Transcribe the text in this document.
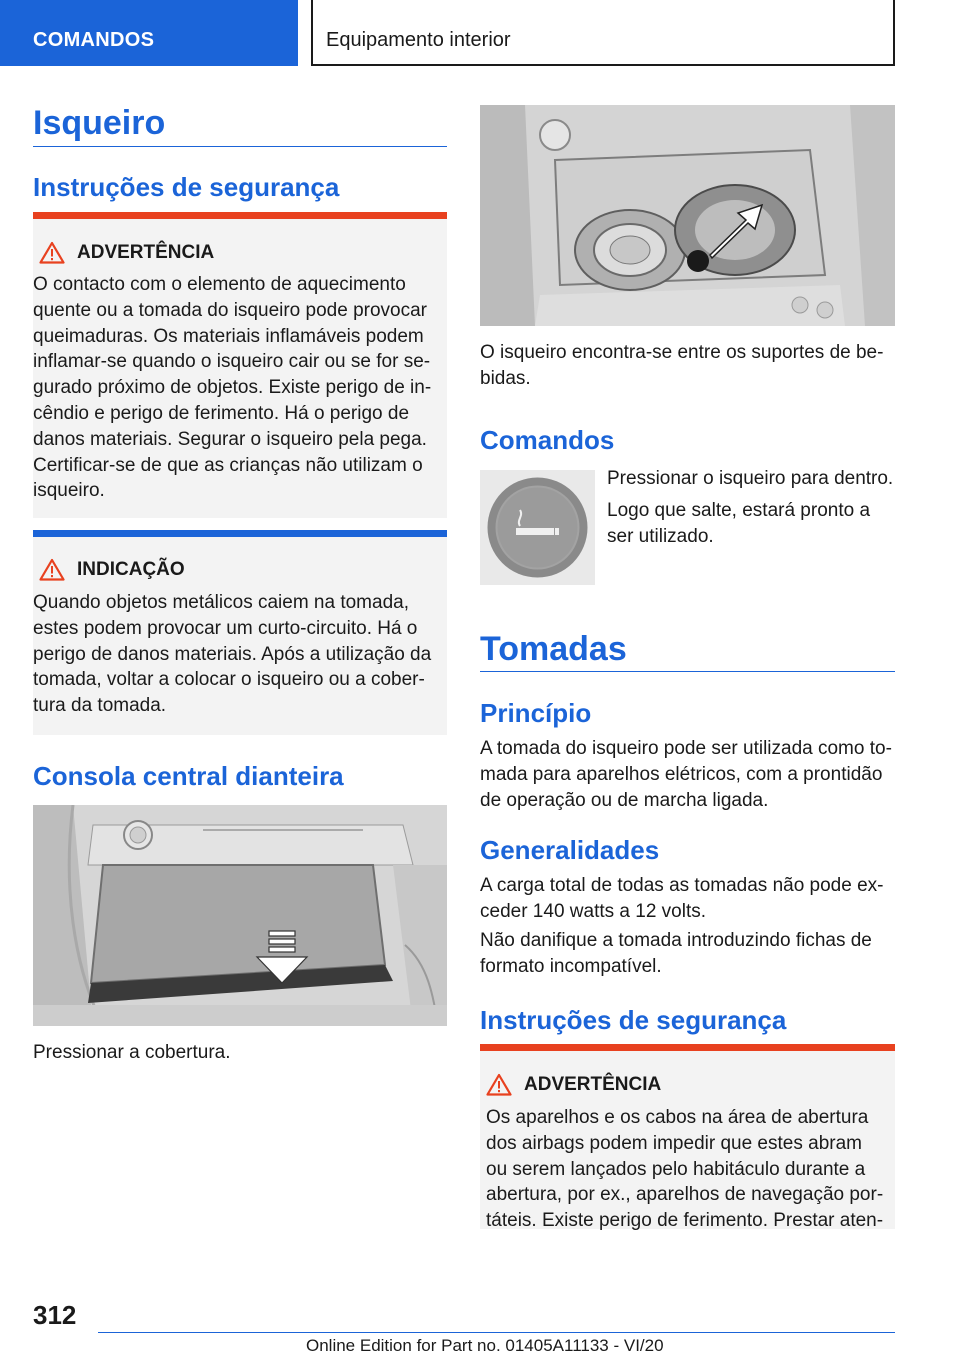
COMANDOS	Equipamento interior
Isqueiro
Instruções de segurança
ADVERTÊNCIA

O contacto com o elemento de aquecimento
quente ou a tomada do isqueiro pode provocar
queimaduras. Os materiais inflamáveis podem
inflamar-se quando o isqueiro cair ou se for se-
gurado próximo de objetos. Existe perigo de in-
cêndio e perigo de ferimento. Há o perigo de
danos materiais. Segurar o isqueiro pela pega.
Certificar-se de que as crianças não utilizam o
isqueiro.

INDICAÇÃO

Quando objetos metálicos caiem na tomada,
estes podem provocar um curto-circuito. Há o
perigo de danos materiais. Após a utilização da
tomada, voltar a colocar o isqueiro ou a cober-
tura da tomada.

Consola central dianteira

Pressionar a cobertura.

O isqueiro encontra-se entre os suportes de be-
bidas.

Comandos

Pressionar o isqueiro para dentro.

Logo que salte, estará pronto a
ser utilizado.

Tomadas
Princípio

A tomada do isqueiro pode ser utilizada como to-
mada para aparelhos elétricos, com a prontidão
de operação ou de marcha ligada.

Generalidades

A carga total de todas as tomadas não pode ex-
ceder 140 watts a 12 volts.

Não danifique a tomada introduzindo fichas de
formato incompatível.

Instruções de segurança
ADVERTÊNCIA

Os aparelhos e os cabos na área de abertura
dos airbags podem impedir que estes abram
ou serem lançados pelo habitáculo durante a
abertura, por ex., aparelhos de navegação por-
táteis. Existe perigo de ferimento. Prestar aten-

312
Online Edition for Part no. 01405A11133 - VI/20
